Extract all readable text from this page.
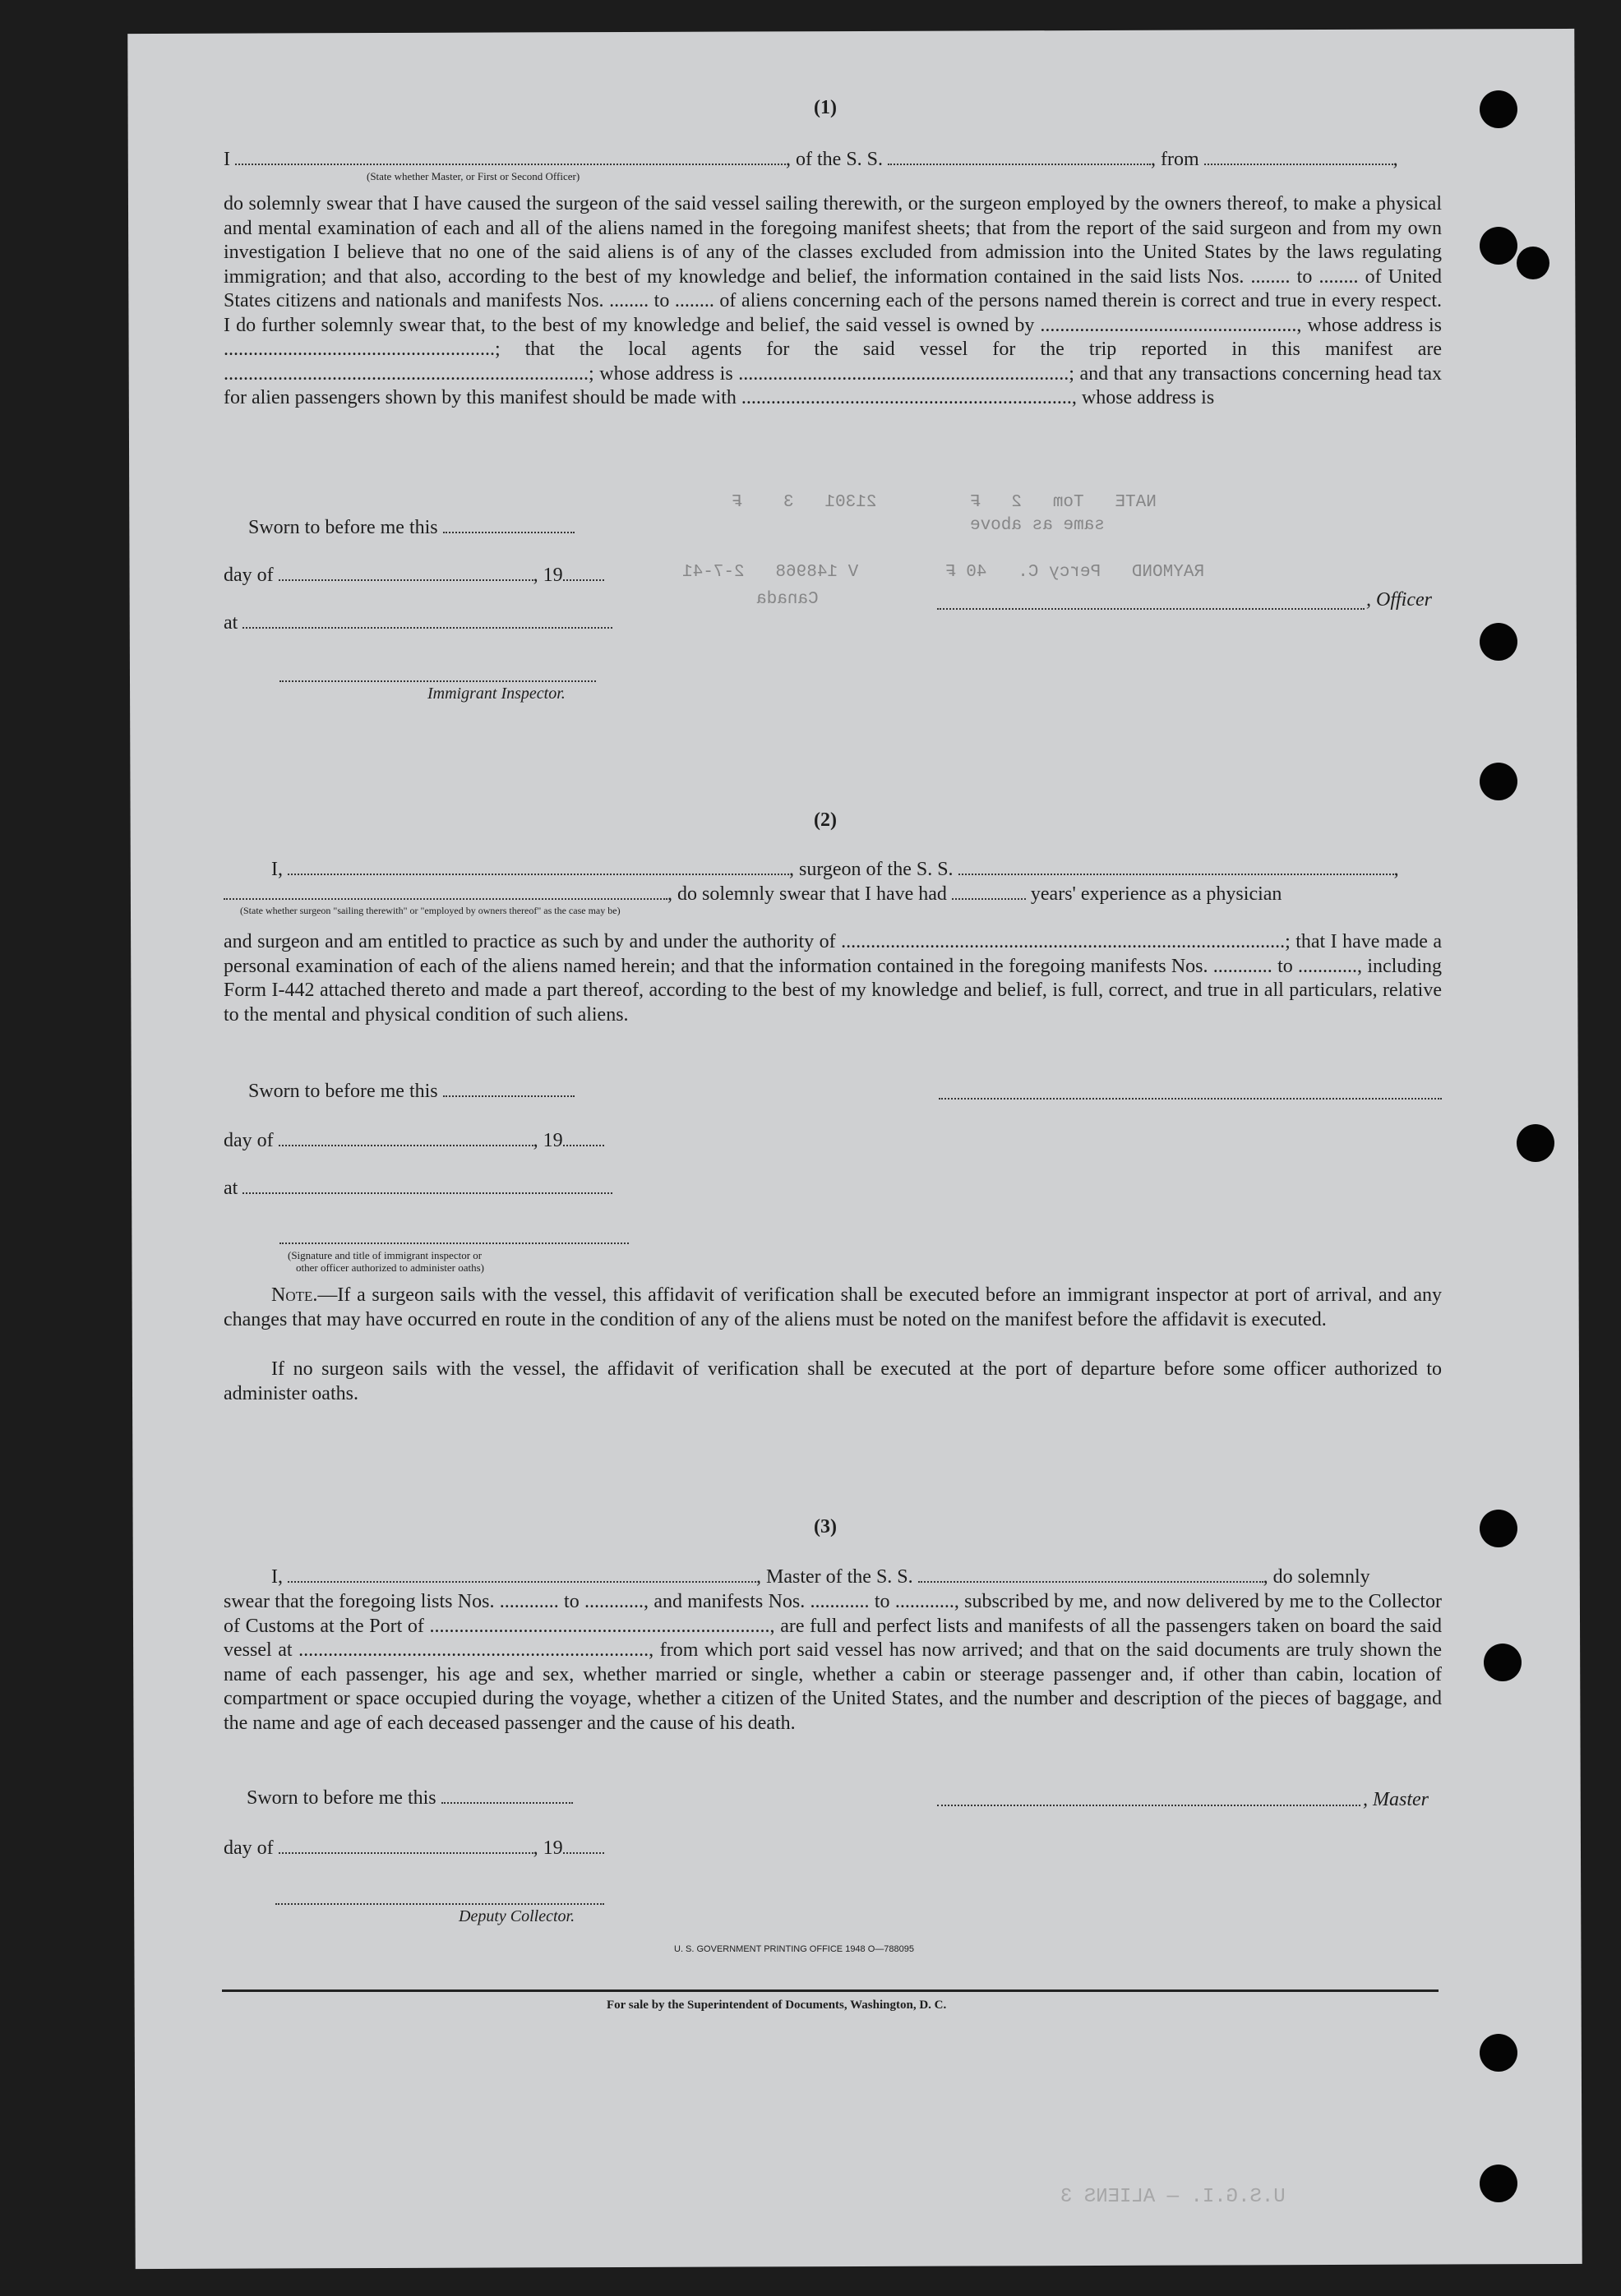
(1)
I	, of the S. S.	, from	,
(State whether Master, or First or Second Officer)
do solemnly swear that I have caused the surgeon of the said vessel sailing therewith, or the surgeon employed by the owners thereof, to make a physical and mental examination of each and all of the aliens named in the foregoing manifest sheets; that from the report of the said surgeon and from my own investigation I believe that no one of the said aliens is of any of the classes excluded from admission into the United States by the laws regulating immigration; and that also, according to the best of my knowledge and belief, the information contained in the said lists Nos. ........ to ........ of United States citizens and nationals and manifests Nos. ........ to ........ of aliens concerning each of the persons named therein is correct and true in every respect. I do further solemnly swear that, to the best of my knowledge and belief, the said vessel is owned by ...................................................., whose address is .......................................................; that the local agents for the said vessel for the trip reported in this manifest are ..........................................................................; whose address is ...................................................................; and that any transactions concerning head tax for alien passengers shown by this manifest should be made with ..................................................................., whose address is
Sworn to before me this
day of	, 19
at
Immigrant Inspector.
, Officer
21301   3    ₣
V 148968   2-7-41
Canada
RAYMOND   Percy C.   40 ₣
same as above
NATE   Tom   2   ₣
(2)
I,	, surgeon of the S. S.	,
, do solemnly swear that I have had	years' experience as a physician
(State whether surgeon "sailing therewith" or "employed by owners thereof" as the case may be)
and surgeon and am entitled to practice as such by and under the authority of ..........................................................................................; that I have made a personal examination of each of the aliens named herein; and that the information contained in the foregoing manifests Nos. ............ to ............, including Form I-442 attached thereto and made a part thereof, according to the best of my knowledge and belief, is full, correct, and true in all particulars, relative to the mental and physical condition of such aliens.
Sworn to before me this
day of	, 19
at
(Signature and title of immigrant inspector or
other officer authorized to administer oaths)
Note.—If a surgeon sails with the vessel, this affidavit of verification shall be executed before an immigrant inspector at port of arrival, and any changes that may have occurred en route in the condition of any of the aliens must be noted on the manifest before the affidavit is executed.
If no surgeon sails with the vessel, the affidavit of verification shall be executed at the port of departure before some officer authorized to administer oaths.
(3)
I,	, Master of the S. S.	, do solemnly
swear that the foregoing lists Nos. ............ to ............, and manifests Nos. ............ to ............, subscribed by me, and now delivered by me to the Collector of Customs at the Port of ....................................................................., are full and perfect lists and manifests of all the passengers taken on board the said vessel at ......................................................................., from which port said vessel has now arrived; and that on the said documents are truly shown the name of each passenger, his age and sex, whether married or single, whether a cabin or steerage passenger and, if other than cabin, location of compartment or space occupied during the voyage, whether a citizen of the United States, and the number and description of the pieces of baggage, and the name and age of each deceased passenger and the cause of his death.
Sworn to before me this	, Master
day of	, 19
Deputy Collector.
U. S. GOVERNMENT PRINTING OFFICE 1948 O—788095
For sale by the Superintendent of Documents, Washington, D. C.
U.S.G.I. — ALIENS 3
